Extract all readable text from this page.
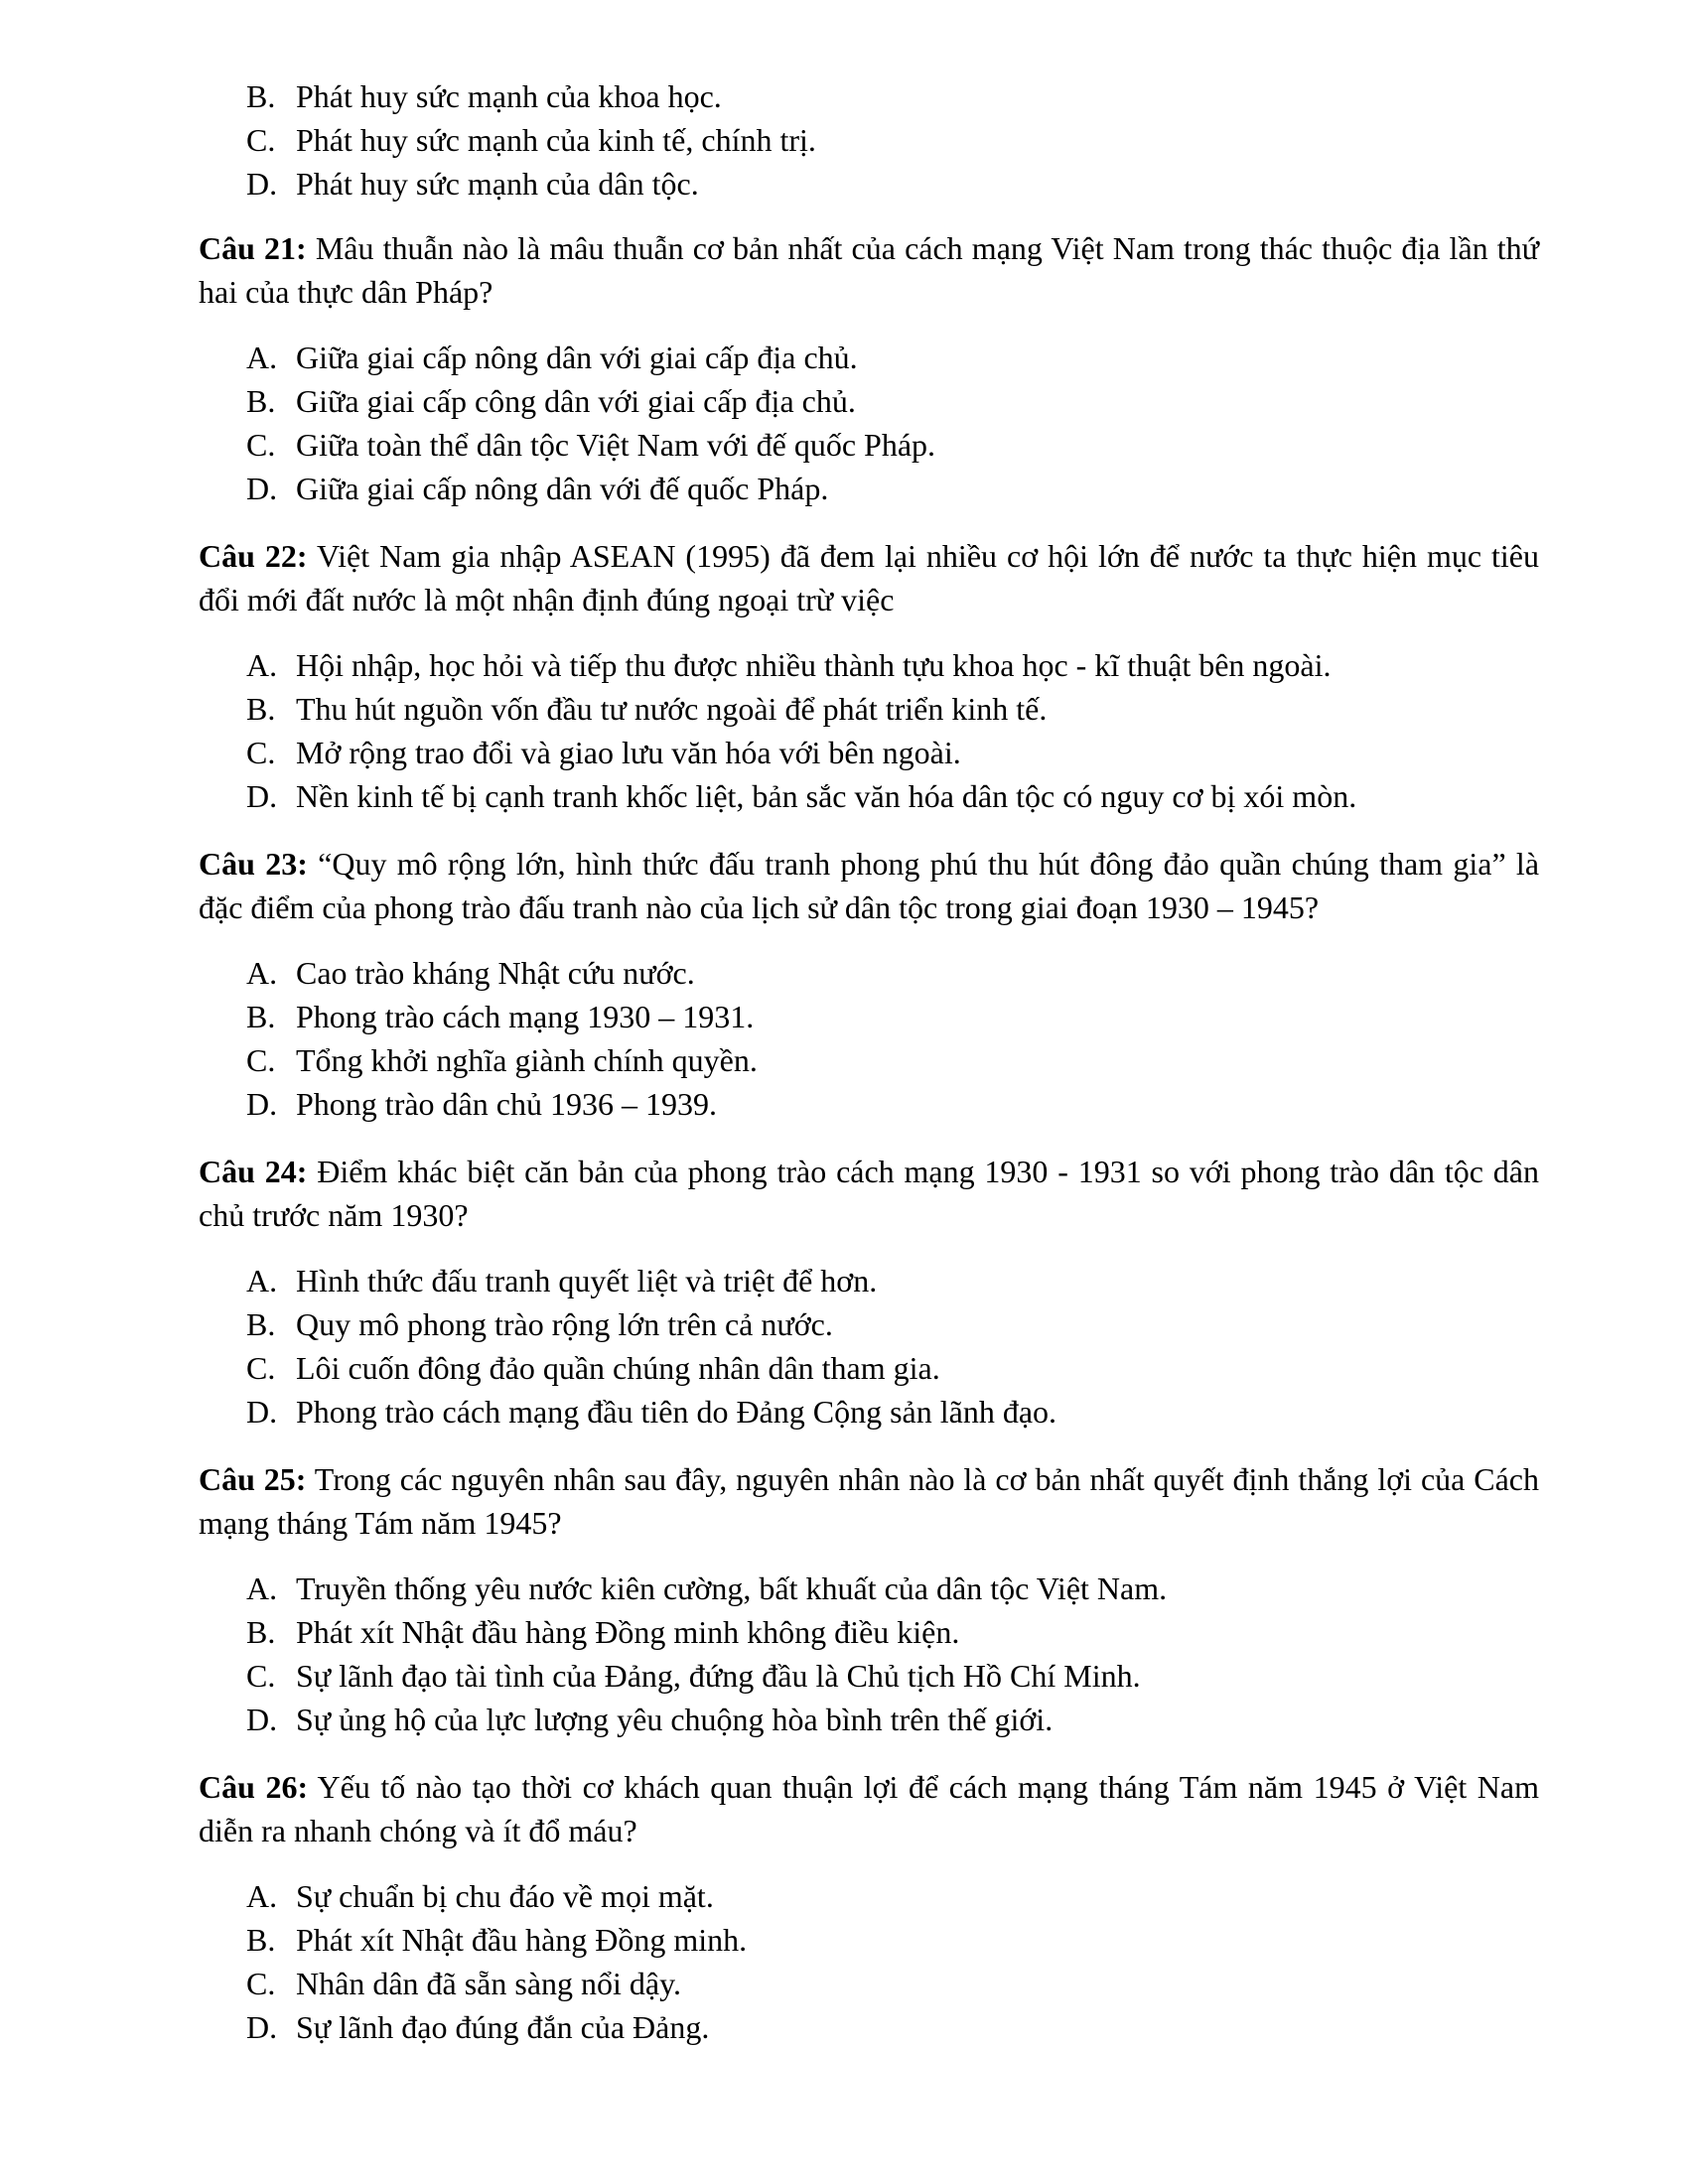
B. Phát huy sức mạnh của khoa học.
C. Phát huy sức mạnh của kinh tế, chính trị.
D. Phát huy sức mạnh của dân tộc.
Câu 21: Mâu thuẫn nào là mâu thuẫn cơ bản nhất của cách mạng Việt Nam trong thác thuộc địa lần thứ hai của thực dân Pháp?
A. Giữa giai cấp nông dân với giai cấp địa chủ.
B. Giữa giai cấp công dân với giai cấp địa chủ.
C. Giữa toàn thể dân tộc Việt Nam với đế quốc Pháp.
D. Giữa giai cấp nông dân với đế quốc Pháp.
Câu 22: Việt Nam gia nhập ASEAN (1995) đã đem lại nhiều cơ hội lớn để nước ta thực hiện mục tiêu đổi mới đất nước là một nhận định đúng ngoại trừ việc
A. Hội nhập, học hỏi và tiếp thu được nhiều thành tựu khoa học - kĩ thuật bên ngoài.
B. Thu hút nguồn vốn đầu tư nước ngoài để phát triển kinh tế.
C. Mở rộng trao đổi và giao lưu văn hóa với bên ngoài.
D. Nền kinh tế bị cạnh tranh khốc liệt, bản sắc văn hóa dân tộc có nguy cơ bị xói mòn.
Câu 23: “Quy mô rộng lớn, hình thức đấu tranh phong phú thu hút đông đảo quần chúng tham gia” là đặc điểm của phong trào đấu tranh nào của lịch sử dân tộc trong giai đoạn 1930 – 1945?
A. Cao trào kháng Nhật cứu nước.
B. Phong trào cách mạng 1930 – 1931.
C. Tổng khởi nghĩa giành chính quyền.
D. Phong trào dân chủ 1936 – 1939.
Câu 24: Điểm khác biệt căn bản của phong trào cách mạng 1930 - 1931 so với phong trào dân tộc dân chủ trước năm 1930?
A. Hình thức đấu tranh quyết liệt và triệt để hơn.
B. Quy mô phong trào rộng lớn trên cả nước.
C. Lôi cuốn đông đảo quần chúng nhân dân tham gia.
D. Phong trào cách mạng đầu tiên do Đảng Cộng sản lãnh đạo.
Câu 25: Trong các nguyên nhân sau đây, nguyên nhân nào là cơ bản nhất quyết định thắng lợi của Cách mạng tháng Tám năm 1945?
A. Truyền thống yêu nước kiên cường, bất khuất của dân tộc Việt Nam.
B. Phát xít Nhật đầu hàng Đồng minh không điều kiện.
C. Sự lãnh đạo tài tình của Đảng, đứng đầu là Chủ tịch Hồ Chí Minh.
D. Sự ủng hộ của lực lượng yêu chuộng hòa bình trên thế giới.
Câu 26: Yếu tố nào tạo thời cơ khách quan thuận lợi để cách mạng tháng Tám năm 1945 ở Việt Nam diễn ra nhanh chóng và ít đổ máu?
A. Sự chuẩn bị chu đáo về mọi mặt.
B. Phát xít Nhật đầu hàng Đồng minh.
C. Nhân dân đã sẵn sàng nổi dậy.
D. Sự lãnh đạo đúng đắn của Đảng.
